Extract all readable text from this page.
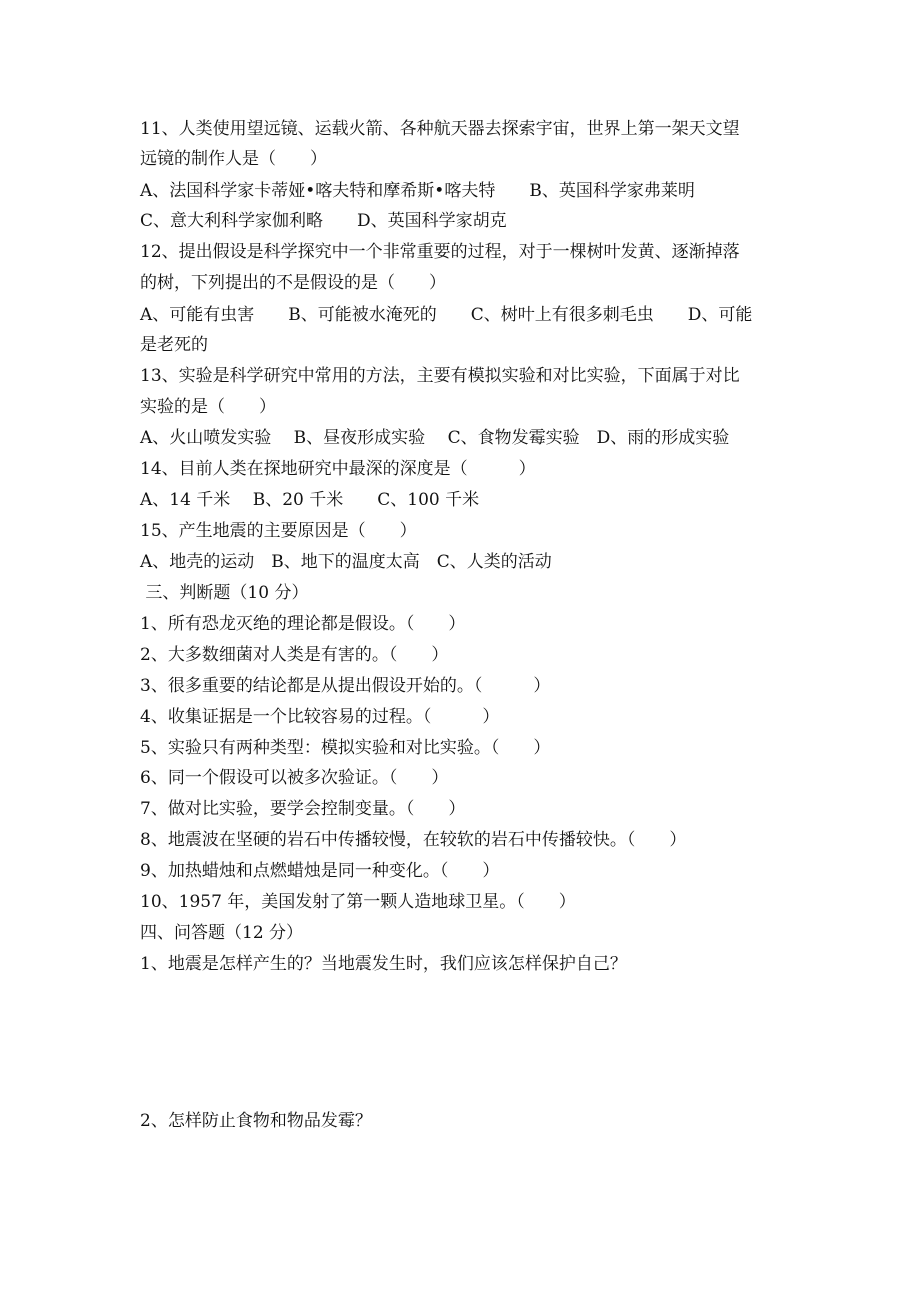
11、人类使用望远镜、运载火箭、各种航天器去探索宇宙，世界上第一架天文望
远镜的制作人是（　　）
A、法国科学家卡蒂娅•喀夫特和摩希斯•喀夫特　　B、英国科学家弗莱明
C、意大利科学家伽利略　　D、英国科学家胡克
12、提出假设是科学探究中一个非常重要的过程，对于一棵树叶发黄、逐渐掉落
的树，下列提出的不是假设的是（　　）
A、可能有虫害　　B、可能被水淹死的　　C、树叶上有很多刺毛虫　　D、可能
是老死的
13、实验是科学研究中常用的方法，主要有模拟实验和对比实验，下面属于对比
实验的是（　　）
A、火山喷发实验　 B、昼夜形成实验　 C、食物发霉实验　D、雨的形成实验
14、目前人类在探地研究中最深的深度是（　　　）
A、14 千米　 B、20 千米　　C、100 千米
15、产生地震的主要原因是（　　）
A、地壳的运动　B、地下的温度太高　C、人类的活动
三、判断题（10 分）
1、所有恐龙灭绝的理论都是假设。（　　）
2、大多数细菌对人类是有害的。（　　）
3、很多重要的结论都是从提出假设开始的。（　　　）
4、收集证据是一个比较容易的过程。（　　　）
5、实验只有两种类型：模拟实验和对比实验。（　　）
6、同一个假设可以被多次验证。（　　）
7、做对比实验，要学会控制变量。（　　）
8、地震波在坚硬的岩石中传播较慢，在较软的岩石中传播较快。（　　）
9、加热蜡烛和点燃蜡烛是同一种变化。（　　）
10、1957 年，美国发射了第一颗人造地球卫星。（　　）
四、问答题（12 分）
1、地震是怎样产生的？当地震发生时，我们应该怎样保护自己？
2、怎样防止食物和物品发霉？
